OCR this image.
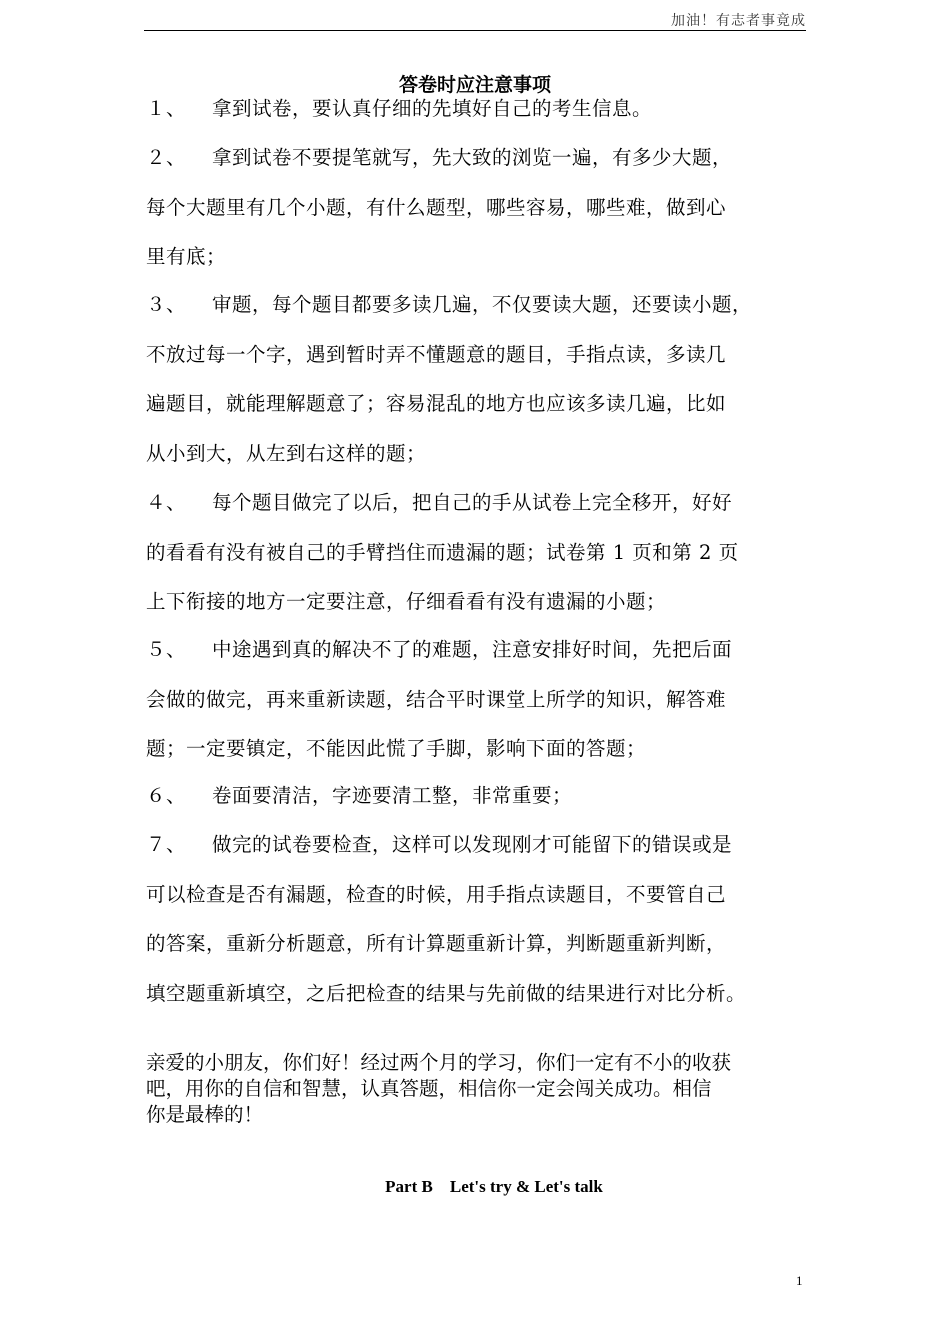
加油！有志者事竟成
答卷时应注意事项
１、 拿到试卷，要认真仔细的先填好自己的考生信息。
２、 拿到试卷不要提笔就写，先大致的浏览一遍，有多少大题，
每个大题里有几个小题，有什么题型，哪些容易，哪些难，做到心
里有底；
３、 审题，每个题目都要多读几遍，不仅要读大题，还要读小题，
不放过每一个字，遇到暂时弄不懂题意的题目，手指点读，多读几
遍题目，就能理解题意了；容易混乱的地方也应该多读几遍，比如
从小到大，从左到右这样的题；
４、 每个题目做完了以后，把自己的手从试卷上完全移开，好好
的看看有没有被自己的手臂挡住而遗漏的题；试卷第 1 页和第 2 页
上下衔接的地方一定要注意，仔细看看有没有遗漏的小题；
５、 中途遇到真的解决不了的难题，注意安排好时间，先把后面
会做的做完，再来重新读题，结合平时课堂上所学的知识，解答难
题；一定要镇定，不能因此慌了手脚，影响下面的答题；
６、 卷面要清洁，字迹要清工整，非常重要；
７、 做完的试卷要检查，这样可以发现刚才可能留下的错误或是
可以检查是否有漏题，检查的时候，用手指点读题目，不要管自己
的答案，重新分析题意，所有计算题重新计算，判断题重新判断，
填空题重新填空，之后把检查的结果与先前做的结果进行对比分析。
亲爱的小朋友，你们好！经过两个月的学习，你们一定有不小的收获
吧，用你的自信和智慧，认真答题，相信你一定会闯关成功。相信
你是最棒的！
Part B    Let's try & Let's talk
1
